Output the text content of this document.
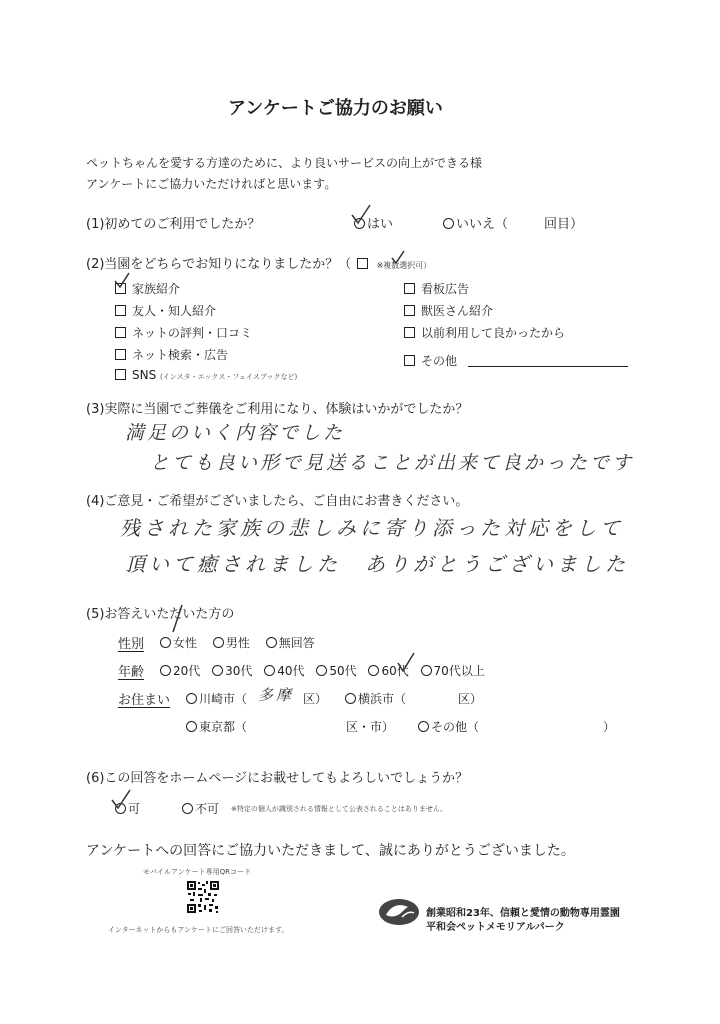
アンケートご協力のお願い
ペットちゃんを愛する方達のために、より良いサービスの向上ができる様
アンケートにご協力いただければと思います。
(1)初めてのご利用でしたか？	はい	いいえ（	回目）
(2)当園をどちらでお知りになりましたか？（	※複数選択可）
家族紹介
友人・知人紹介
ネットの評判・口コミ
ネット検索・広告
SNS (インスタ・エックス・フェイスブックなど)
看板広告
獣医さん紹介
以前利用して良かったから
その他
(3)実際に当園でご葬儀をご利用になり、体験はいかがでしたか？
満足のいく内容でした
とても良い形で見送ることが出来て良かったです
(4)ご意見・ご希望がございましたら、ご自由にお書きください。
残された家族の悲しみに寄り添った対応をして
頂いて癒されました　ありがとうございました
(5)お答えいただいた方の
性別	女性 男性 無回答
年齢	20代 30代 40代 50代 60代 70代以上
お住まい	川崎市（ 多摩 区）	横浜市（	区）
東京都（	区・市）	その他（	）
(6)この回答をホームページにお載せしてもよろしいでしょうか？
可	不可 ※特定の個人が識別される情報として公表されることはありません。
アンケートへの回答にご協力いただきまして、誠にありがとうございました。
モバイルアンケート専用QRコード
インターネットからもアンケートにご回答いただけます。
創業昭和23年、信頼と愛情の動物専用霊園
平和会ペットメモリアルパーク
